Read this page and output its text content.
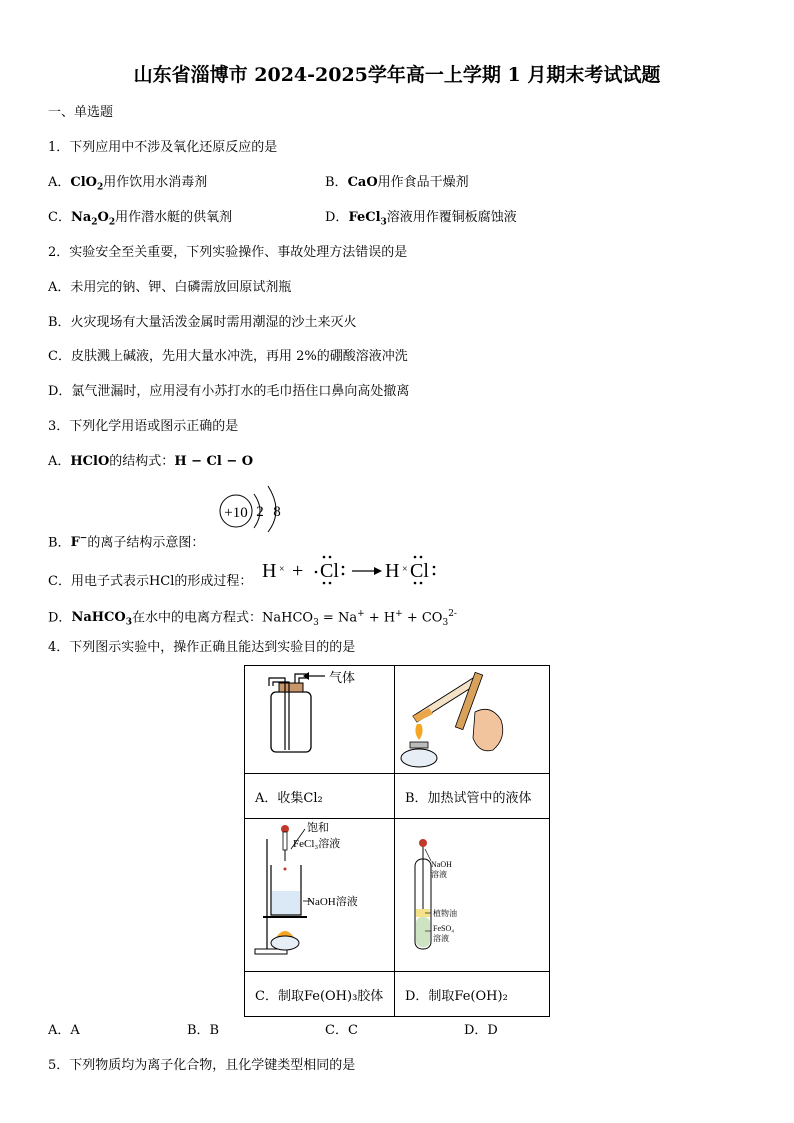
山东省淄博市 2024-2025学年高一上学期 1 月期末考试试题
一、单选题
1．下列应用中不涉及氧化还原反应的是
A．ClO$_2$用作饮用水消毒剂	B．CaO用作食品干燥剂
C．$Na_2O_2$用作潜水艇的供氧剂	D．FeCl$_3$溶液用作覆铜板腐蚀液
2．实验安全至关重要，下列实验操作、事故处理方法错误的是
A．未用完的钠、钾、白磷需放回原试剂瓶
B．火灾现场有大量活泼金属时需用潮湿的沙土来灭火
C．皮肤溅上碱液，先用大量水冲洗，再用 2%的硼酸溶液冲洗
D．氯气泄漏时，应用浸有小苏打水的毛巾捂住口鼻向高处撤离
3．下列化学用语或图示正确的是
A．HClO的结构式：H − Cl − O
+10 2 8
B．F−的离子结构示意图：
C．用电子式表示HCl的形成过程： H × + Cl H × Cl
D．NaHCO$_3$在水中的电离方程式：NaHCO$_3$ = $Na^+ + H^+ + CO_3^{2-}$
4．下列图示实验中，操作正确且能达到实验目的的是
气体

A．收集Cl₂	B．加热试管中的液体

饱和
FeCl₃溶液
NaOH溶液	NaOH
溶液
植物油
FeSO₄
溶液

C．制取Fe(OH)₃胶体	D．制取Fe(OH)₂
A．A	B．B	C．C	D．D
5．下列物质均为离子化合物，且化学键类型相同的是
